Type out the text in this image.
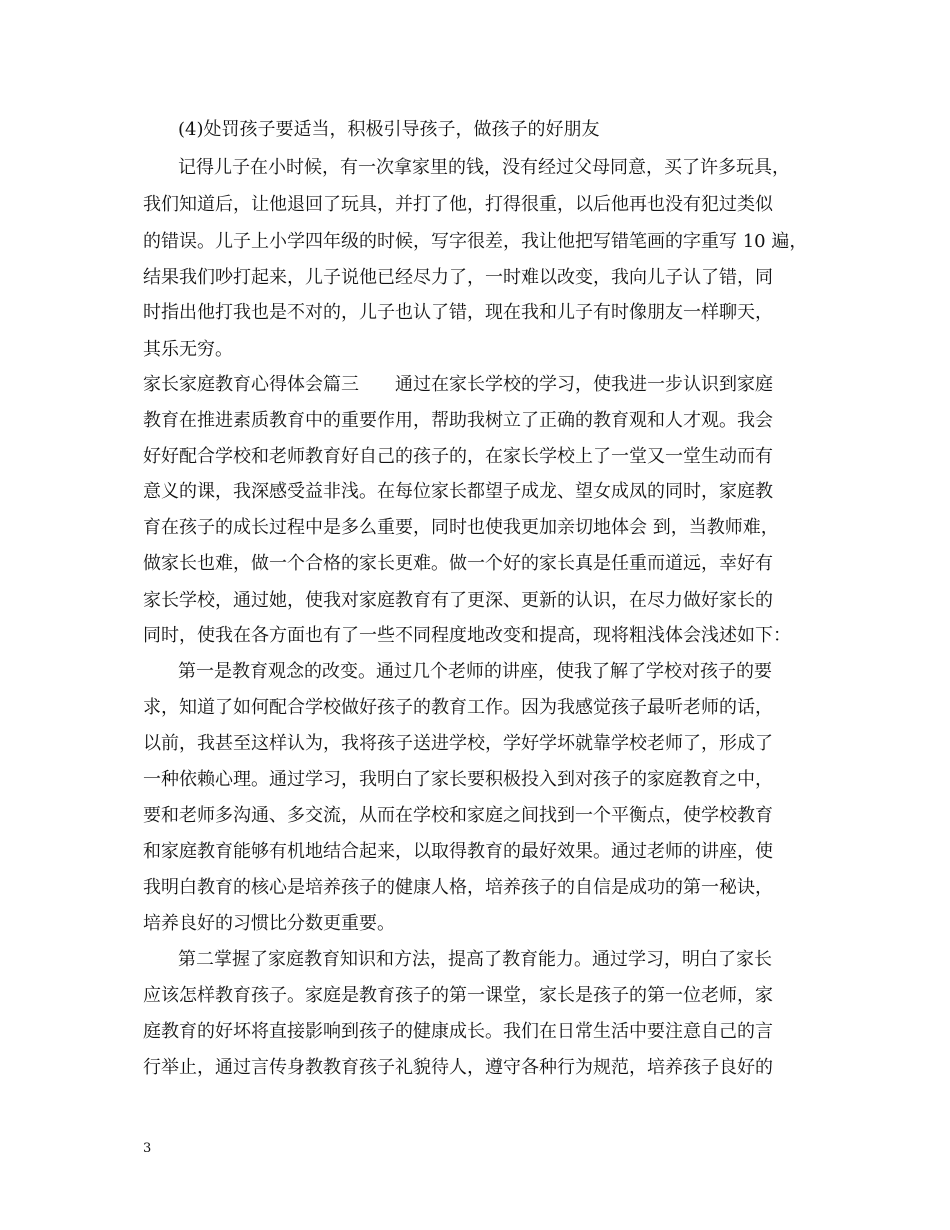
(4)处罚孩子要适当，积极引导孩子，做孩子的好朋友
记得儿子在小时候，有一次拿家里的钱，没有经过父母同意，买了许多玩具，
我们知道后，让他退回了玩具，并打了他，打得很重，以后他再也没有犯过类似
的错误。儿子上小学四年级的时候，写字很差，我让他把写错笔画的字重写 10 遍，
结果我们吵打起来，儿子说他已经尽力了，一时难以改变，我向儿子认了错，同
时指出他打我也是不对的，儿子也认了错，现在我和儿子有时像朋友一样聊天，
其乐无穷。
家长家庭教育心得体会篇三　　通过在家长学校的学习，使我进一步认识到家庭
教育在推进素质教育中的重要作用，帮助我树立了正确的教育观和人才观。我会
好好配合学校和老师教育好自己的孩子的，在家长学校上了一堂又一堂生动而有
意义的课，我深感受益非浅。在每位家长都望子成龙、望女成凤的同时，家庭教
育在孩子的成长过程中是多么重要，同时也使我更加亲切地体会 到，当教师难，
做家长也难，做一个合格的家长更难。做一个好的家长真是任重而道远，幸好有
家长学校，通过她，使我对家庭教育有了更深、更新的认识，在尽力做好家长的
同时，使我在各方面也有了一些不同程度地改变和提高，现将粗浅体会浅述如下：
第一是教育观念的改变。通过几个老师的讲座，使我了解了学校对孩子的要
求，知道了如何配合学校做好孩子的教育工作。因为我感觉孩子最听老师的话，
以前，我甚至这样认为，我将孩子送进学校，学好学坏就靠学校老师了，形成了
一种依赖心理。通过学习，我明白了家长要积极投入到对孩子的家庭教育之中，
要和老师多沟通、多交流，从而在学校和家庭之间找到一个平衡点，使学校教育
和家庭教育能够有机地结合起来，以取得教育的最好效果。通过老师的讲座，使
我明白教育的核心是培养孩子的健康人格，培养孩子的自信是成功的第一秘诀，
培养良好的习惯比分数更重要。
第二掌握了家庭教育知识和方法，提高了教育能力。通过学习，明白了家长
应该怎样教育孩子。家庭是教育孩子的第一课堂，家长是孩子的第一位老师，家
庭教育的好坏将直接影响到孩子的健康成长。我们在日常生活中要注意自己的言
行举止，通过言传身教教育孩子礼貌待人，遵守各种行为规范，培养孩子良好的
3
